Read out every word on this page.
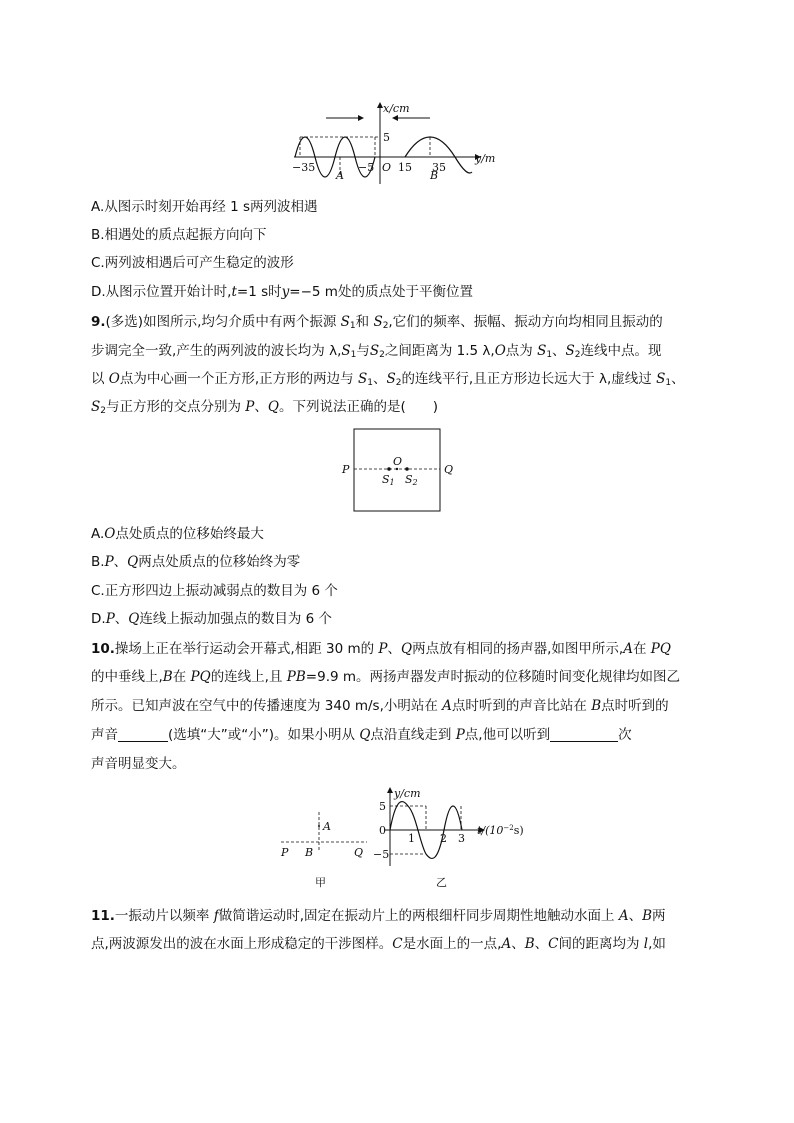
x/cm
y/m
5
O
−35	−5 15 35
A	B
A.从图示时刻开始再经 1 s两列波相遇
B.相遇处的质点起振方向向下
C.两列波相遇后可产生稳定的波形
D.从图示位置开始计时,t=1 s时y=−5 m处的质点处于平衡位置
9.(多选)如图所示,均匀介质中有两个振源 $S_1$和 $S_2$,它们的频率、振幅、振动方向均相同且振动的
步调完全一致,产生的两列波的波长均为 $\lambda,S_1$与$S_2$之间距离为 1.5 λ,O点为 $S_1$、$S_2$连线中点。现
以 O点为中心画一个正方形,正方形的两边与 $S_1$、$S_2$的连线平行,且正方形边长远大于 λ,虚线过 $S_1$、
$S_2$与正方形的交点分别为 P、Q。下列说法正确的是(　　)
P	Q
O
S1 S2
A.O点处质点的位移始终最大
B.P、Q两点处质点的位移始终为零
C.正方形四边上振动减弱点的数目为 6 个
D.P、Q连线上振动加强点的数目为 6 个
10.操场上正在举行运动会开幕式,相距 30 m的 P、Q两点放有相同的扬声器,如图甲所示,A在 PQ
的中垂线上,B在 PQ的连线上,且 PB=9.9 m。两扬声器发声时振动的位移随时间变化规律均如图乙
所示。已知声波在空气中的传播速度为 340 m/s,小明站在 A点时听到的声音比站在 B点时听到的
声音	(选填“大”或“小”)。如果小明从 Q点沿直线走到 P点,他可以听到	次
声音明显变大。
A
P B	Q
甲
y/cm
$t/(10^{-2}s)$
5
−5
0
1 2 3
乙
11.一振动片以频率 f做简谐运动时,固定在振动片上的两根细杆同步周期性地触动水面上 A、B两
点,两波源发出的波在水面上形成稳定的干涉图样。C是水面上的一点,A、B、C间的距离均为 l,如
